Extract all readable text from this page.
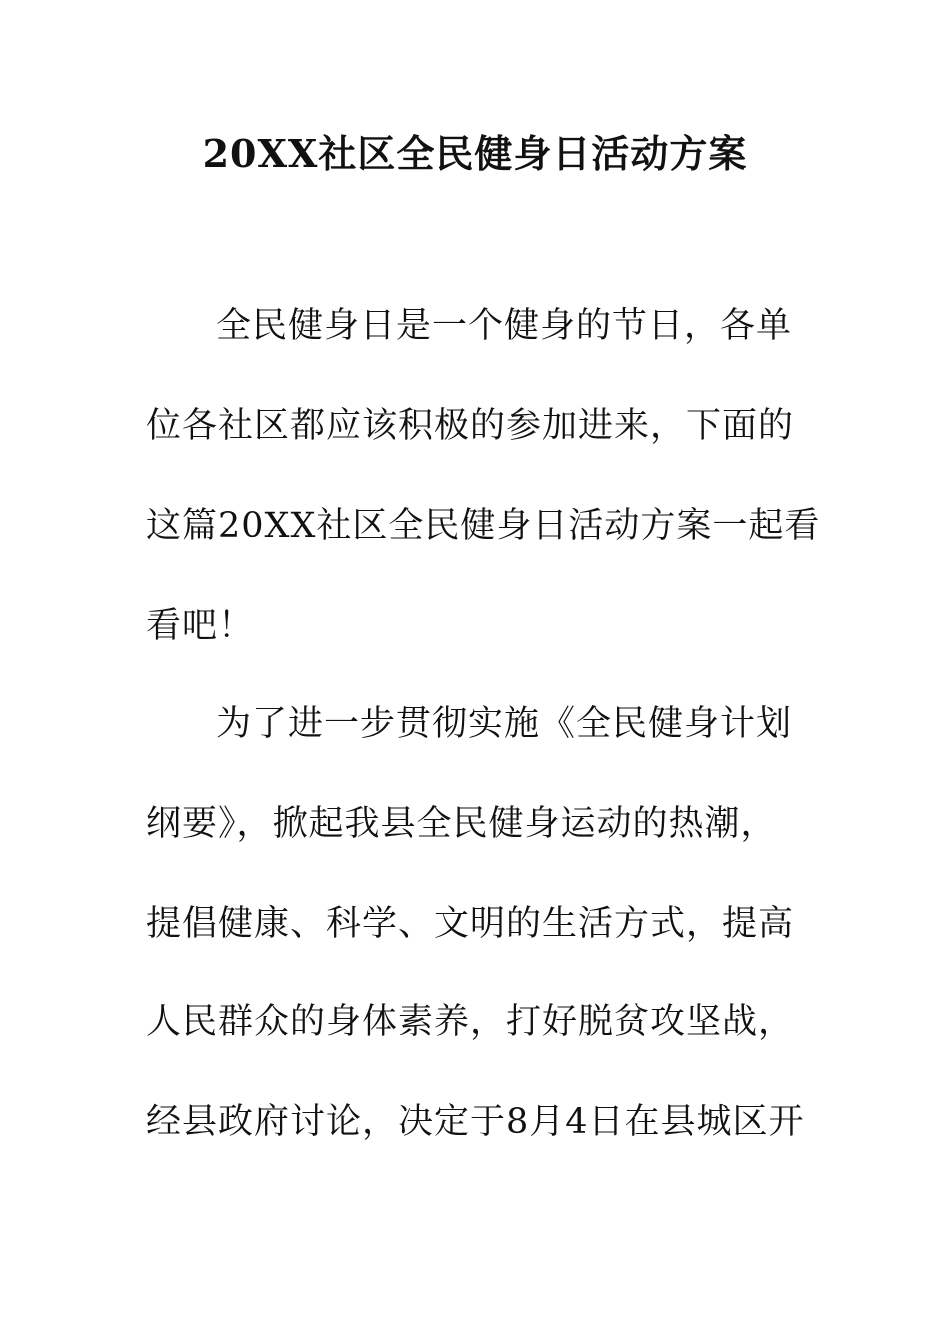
20XX社区全民健身日活动方案
全民健身日是一个健身的节日，各单
位各社区都应该积极的参加进来，下面的
这篇20XX社区全民健身日活动方案一起看
看吧！
为了进一步贯彻实施《全民健身计划
纲要》，掀起我县全民健身运动的热潮，
提倡健康、科学、文明的生活方式，提高
人民群众的身体素养，打好脱贫攻坚战，
经县政府讨论，决定于8月4日在县城区开
